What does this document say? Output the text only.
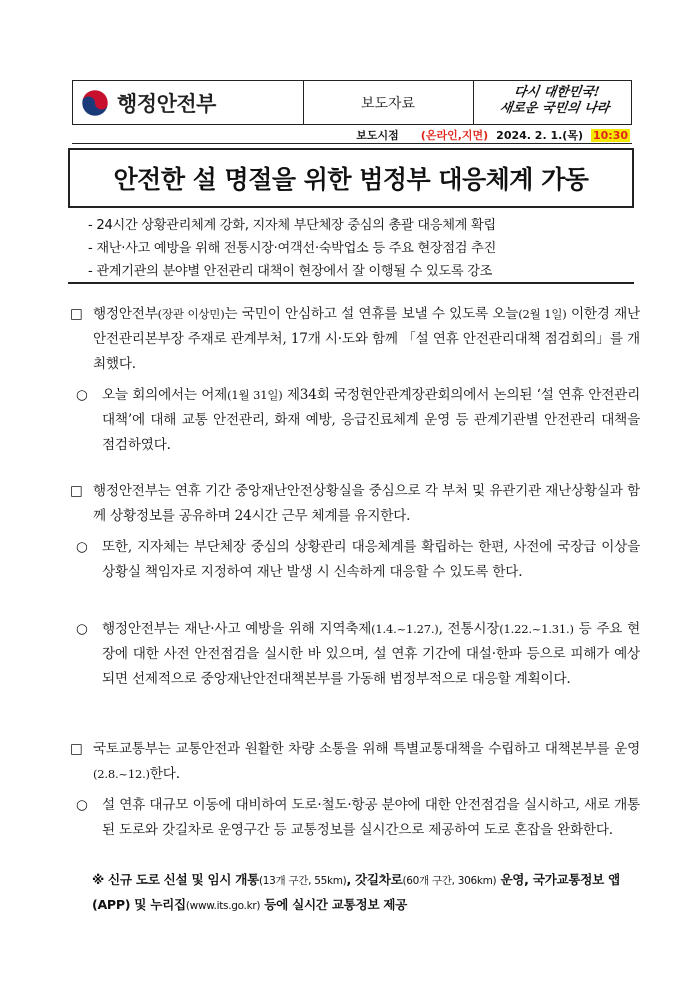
행정안전부	보도자료
다시 대한민국!
새로운 국민의 나라
보도시점 (온라인,지면) 2024. 2. 1.(목) 10:30
안전한 설 명절을 위한 범정부 대응체계 가동
- 24시간 상황관리체계 강화, 지자체 부단체장 중심의 총괄 대응체계 확립
- 재난·사고 예방을 위해 전통시장·여객선·숙박업소 등 주요 현장점검 추진
- 관계기관의 분야별 안전관리 대책이 현장에서 잘 이행될 수 있도록 강조
□ 행정안전부(장관 이상민)는 국민이 안심하고 설 연휴를 보낼 수 있도록 오늘(2월 1일) 이한경 재난안전관리본부장 주재로 관계부처, 17개 시·도와 함께 「설 연휴 안전관리대책 점검회의」를 개최했다.
○	오늘 회의에서는 어제(1월 31일) 제34회 국정현안관계장관회의에서 논의된 ‘설 연휴 안전관리 대책’에 대해 교통 안전관리, 화재 예방, 응급진료체계 운영 등 관계기관별 안전관리 대책을 점검하였다.
□ 행정안전부는 연휴 기간 중앙재난안전상황실을 중심으로 각 부처 및 유관기관 재난상황실과 함께 상황정보를 공유하며 24시간 근무 체계를 유지한다.
○	또한, 지자체는 부단체장 중심의 상황관리 대응체계를 확립하는 한편, 사전에 국장급 이상을 상황실 책임자로 지정하여 재난 발생 시 신속하게 대응할 수 있도록 한다.
○	행정안전부는 재난·사고 예방을 위해 지역축제(1.4.~1.27.), 전통시장(1.22.~1.31.) 등 주요 현장에 대한 사전 안전점검을 실시한 바 있으며, 설 연휴 기간에 대설·한파 등으로 피해가 예상되면 선제적으로 중앙재난안전대책본부를 가동해 범정부적으로 대응할 계획이다.
□ 국토교통부는 교통안전과 원활한 차량 소통을 위해 특별교통대책을 수립하고 대책본부를 운영(2.8.~12.)한다.
○	설 연휴 대규모 이동에 대비하여 도로·철도·항공 분야에 대한 안전점검을 실시하고, 새로 개통된 도로와 갓길차로 운영구간 등 교통정보를 실시간으로 제공하여 도로 혼잡을 완화한다.
※ 신규 도로 신설 및 임시 개통(13개 구간, 55km), 갓길차로(60개 구간, 306km) 운영, 국가교통정보 앱(APP) 및 누리집(www.its.go.kr) 등에 실시간 교통정보 제공
